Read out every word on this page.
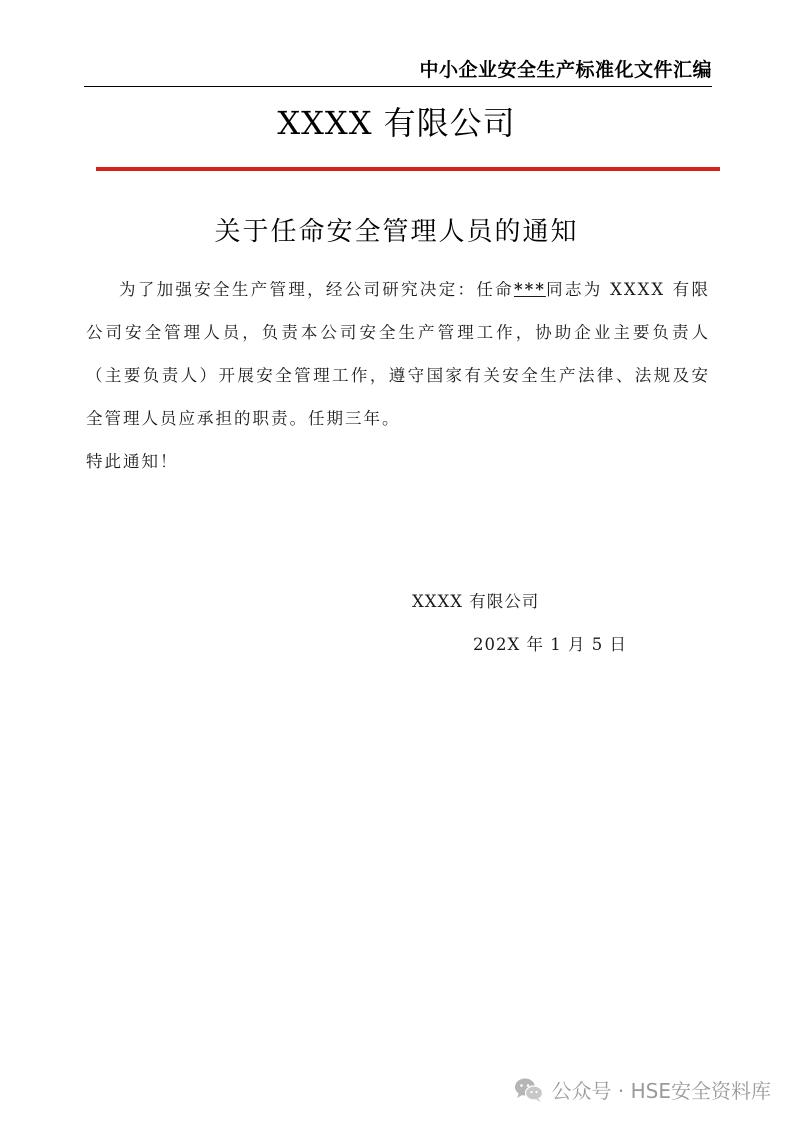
中小企业安全生产标准化文件汇编
XXXX 有限公司
关于任命安全管理人员的通知

为了加强安全生产管理，经公司研究决定：任命***同志为 XXXX 有限公司安全管理人员，负责本公司安全生产管理工作，协助企业主要负责人（主要负责人）开展安全管理工作，遵守国家有关安全生产法律、法规及安全管理人员应承担的职责。任期三年。

特此通知！

XXXX 有限公司
202X 年 1 月 5 日
公众号 · HSE安全资料库
